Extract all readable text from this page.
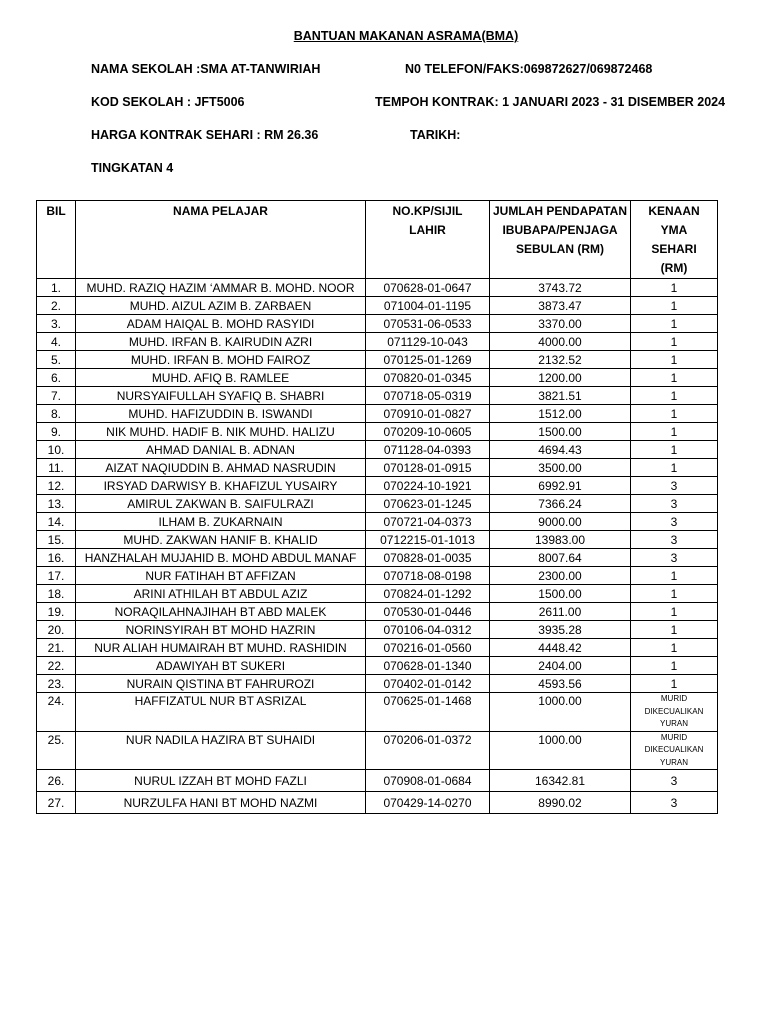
BANTUAN MAKANAN ASRAMA(BMA)
NAMA SEKOLAH :SMA AT-TANWIRIAH	N0 TELEFON/FAKS:069872627/069872468
KOD SEKOLAH : JFT5006	TEMPOH KONTRAK: 1 JANUARI 2023 - 31 DISEMBER 2024
HARGA KONTRAK SEHARI : RM 26.36	TARIKH:
TINGKATAN 4
BIL	NAMA PELAJAR	NO.KP/SIJIL LAHIR	JUMLAH PENDAPATAN IBUBAPA/PENJAGA SEBULAN (RM)	KENAAN YMA SEHARI (RM)
1.	MUHD. RAZIQ HAZIM ‘AMMAR B. MOHD. NOOR	070628-01-0647	3743.72	1
2.	MUHD. AIZUL AZIM B. ZARBAEN	071004-01-1195	3873.47	1
3.	ADAM HAIQAL B. MOHD RASYIDI	070531-06-0533	3370.00	1
4.	MUHD. IRFAN B. KAIRUDIN AZRI	071129-10-043	4000.00	1
5.	MUHD. IRFAN B. MOHD FAIROZ	070125-01-1269	2132.52	1
6.	MUHD. AFIQ B. RAMLEE	070820-01-0345	1200.00	1
7.	NURSYAIFULLAH SYAFIQ B. SHABRI	070718-05-0319	3821.51	1
8.	MUHD. HAFIZUDDIN B. ISWANDI	070910-01-0827	1512.00	1
9.	NIK MUHD. HADIF B. NIK MUHD. HALIZU	070209-10-0605	1500.00	1
10.	AHMAD DANIAL B. ADNAN	071128-04-0393	4694.43	1
11.	AIZAT NAQIUDDIN B. AHMAD NASRUDIN	070128-01-0915	3500.00	1
12.	IRSYAD DARWISY B. KHAFIZUL YUSAIRY	070224-10-1921	6992.91	3
13.	AMIRUL ZAKWAN B. SAIFULRAZI	070623-01-1245	7366.24	3
14.	ILHAM B. ZUKARNAIN	070721-04-0373	9000.00	3
15.	MUHD. ZAKWAN HANIF B. KHALID	0712215-01-1013	13983.00	3
16.	HANZHALAH MUJAHID B. MOHD ABDUL MANAF	070828-01-0035	8007.64	3
17.	NUR FATIHAH BT AFFIZAN	070718-08-0198	2300.00	1
18.	ARINI ATHILAH BT ABDUL AZIZ	070824-01-1292	1500.00	1
19.	NORAQILAHNAJIHAH BT ABD MALEK	070530-01-0446	2611.00	1
20.	NORINSYIRAH BT MOHD HAZRIN	070106-04-0312	3935.28	1
21.	NUR ALIAH HUMAIRAH BT MUHD. RASHIDIN	070216-01-0560	4448.42	1
22.	ADAWIYAH BT SUKERI	070628-01-1340	2404.00	1
23.	NURAIN QISTINA BT FAHRUROZI	070402-01-0142	4593.56	1
24.	HAFFIZATUL NUR BT ASRIZAL	070625-01-1468	1000.00	MURID DIKECUALIKAN YURAN
25.	NUR NADILA HAZIRA BT SUHAIDI	070206-01-0372	1000.00	MURID DIKECUALIKAN YURAN
26.	NURUL IZZAH BT MOHD FAZLI	070908-01-0684	16342.81	3
27.	NURZULFA HANI BT MOHD NAZMI	070429-14-0270	8990.02	3
